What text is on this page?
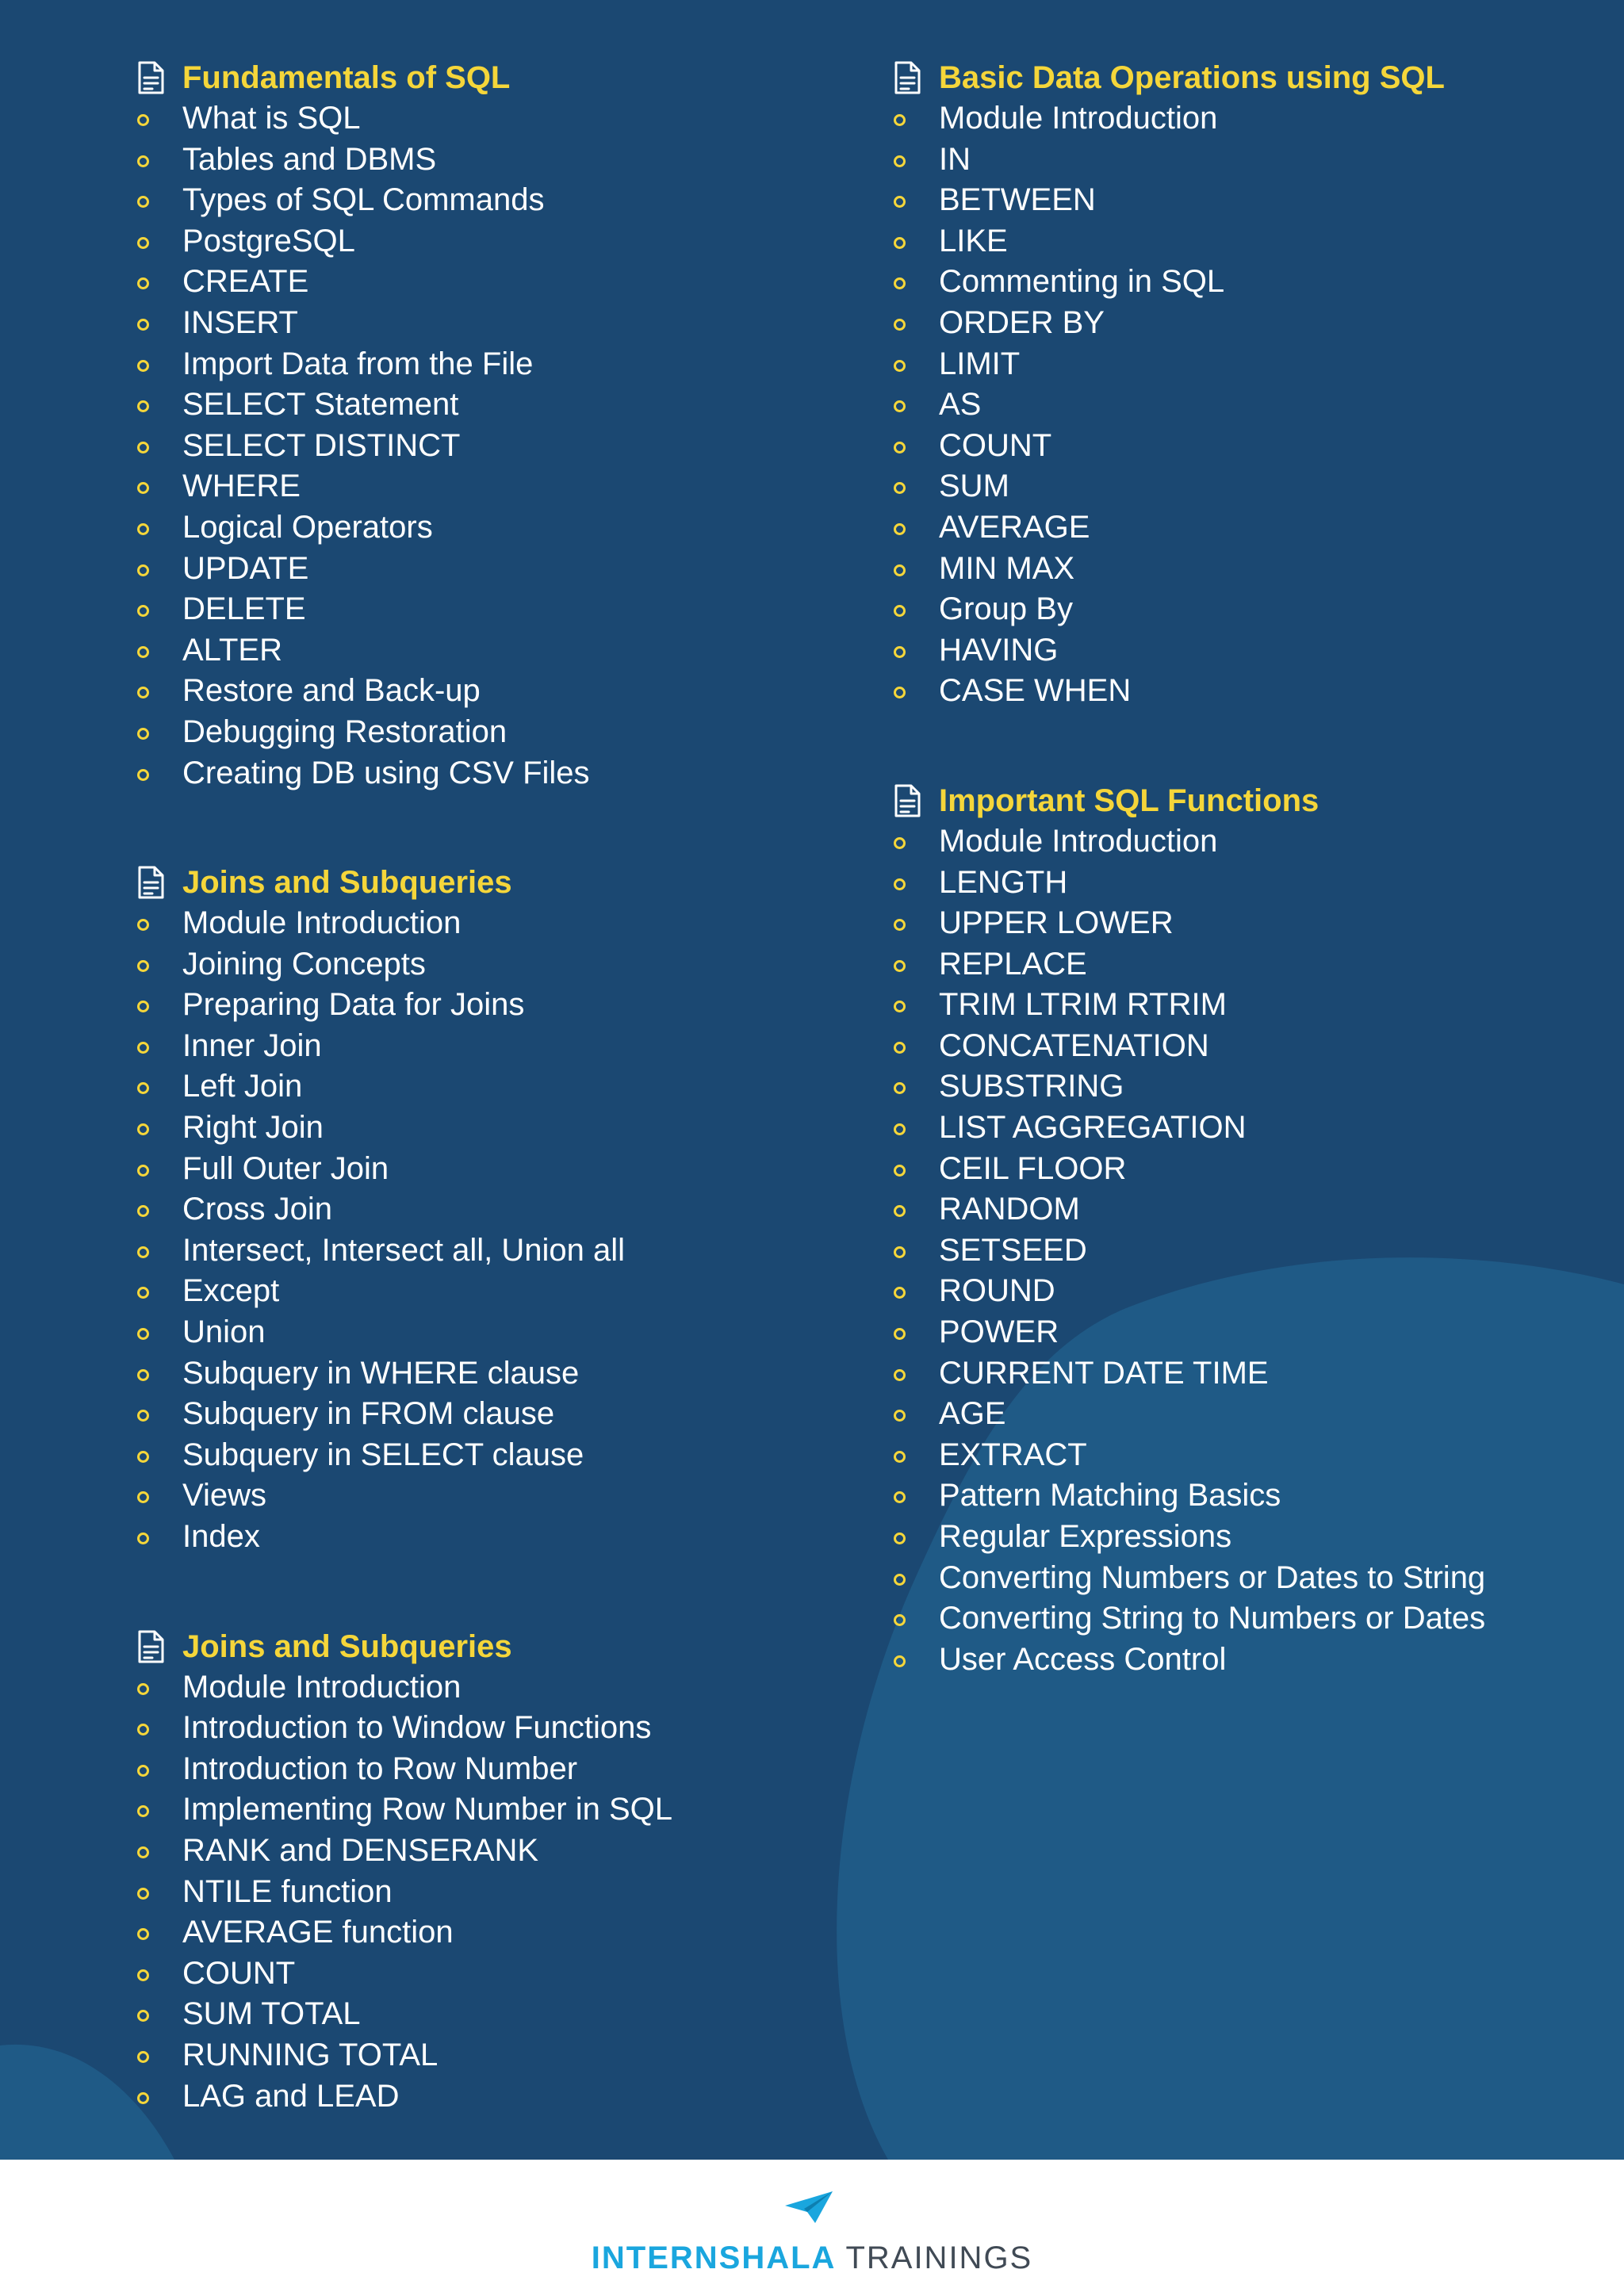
Fundamentals of SQL
What is SQL
Tables and DBMS
Types of SQL Commands
PostgreSQL
CREATE
INSERT
Import Data from the File
SELECT Statement
SELECT DISTINCT
WHERE
Logical Operators
UPDATE
DELETE
ALTER
Restore and Back-up
Debugging Restoration
Creating DB using CSV Files
Joins and Subqueries
Module Introduction
Joining Concepts
Preparing Data for Joins
Inner Join
Left Join
Right Join
Full Outer Join
Cross Join
Intersect, Intersect all, Union all
Except
Union
Subquery in WHERE clause
Subquery in FROM clause
Subquery in SELECT clause
Views
Index
Joins and Subqueries
Module Introduction
Introduction to Window Functions
Introduction to Row Number
Implementing Row Number in SQL
RANK and DENSERANK
NTILE function
AVERAGE function
COUNT
SUM TOTAL
RUNNING TOTAL
LAG and LEAD
Basic Data Operations using SQL
Module Introduction
IN
BETWEEN
LIKE
Commenting in SQL
ORDER BY
LIMIT
AS
COUNT
SUM
AVERAGE
MIN MAX
Group By
HAVING
CASE WHEN
Important SQL Functions
Module Introduction
LENGTH
UPPER LOWER
REPLACE
TRIM LTRIM RTRIM
CONCATENATION
SUBSTRING
LIST AGGREGATION
CEIL FLOOR
RANDOM
SETSEED
ROUND
POWER
CURRENT DATE TIME
AGE
EXTRACT
Pattern Matching Basics
Regular Expressions
Converting Numbers or Dates to String
Converting String to Numbers or Dates
User Access Control
INTERNSHALA TRAININGS
